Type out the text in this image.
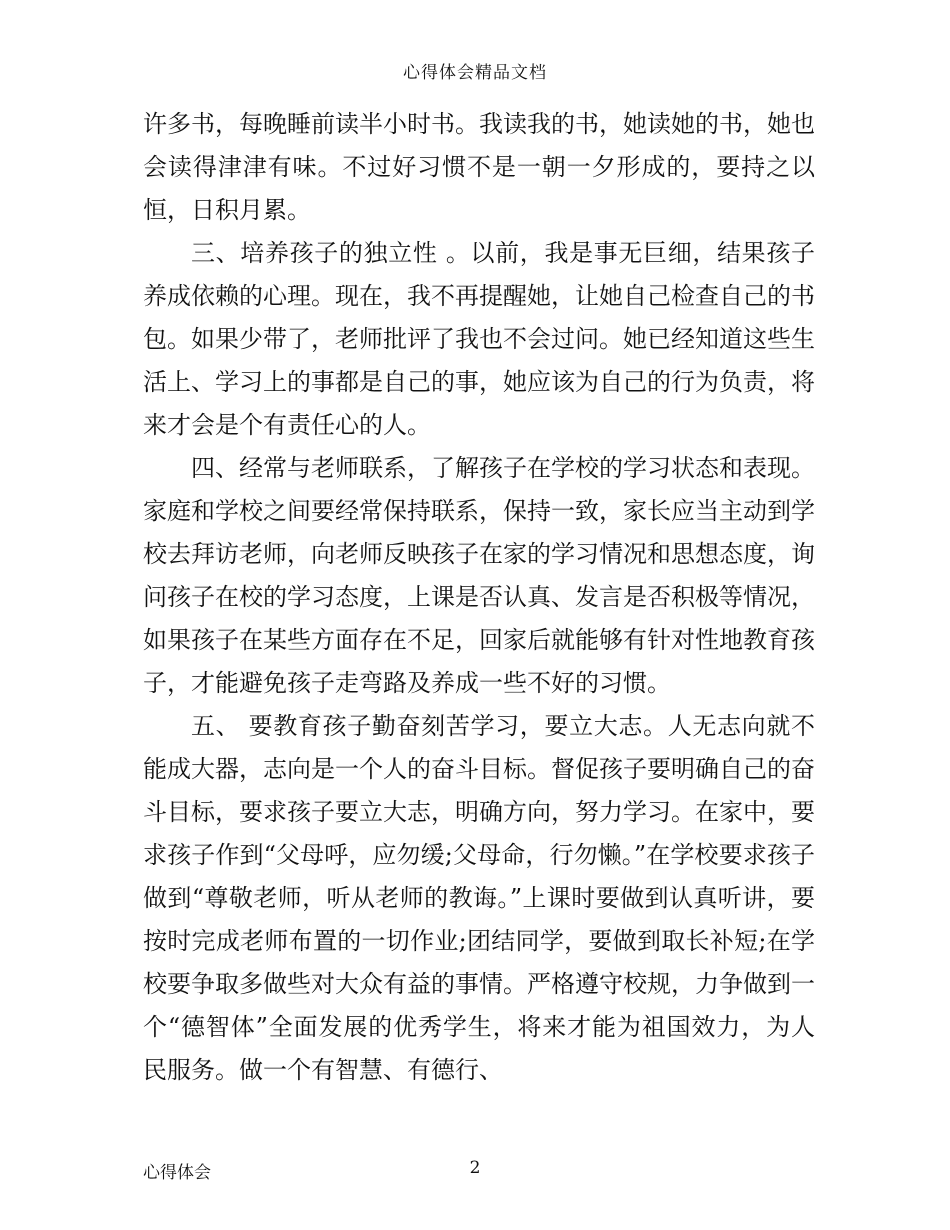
心得体会精品文档

许多书，每晚睡前读半小时书。我读我的书，她读她的书，她也会读得津津有味。不过好习惯不是一朝一夕形成的，要持之以恒，日积月累。

三、培养孩子的独立性 。以前，我是事无巨细，结果孩子养成依赖的心理。现在，我不再提醒她，让她自己检查自己的书包。如果少带了，老师批评了我也不会过问。她已经知道这些生活上、学习上的事都是自己的事，她应该为自己的行为负责，将来才会是个有责任心的人。

四、经常与老师联系，了解孩子在学校的学习状态和表现。家庭和学校之间要经常保持联系，保持一致，家长应当主动到学校去拜访老师，向老师反映孩子在家的学习情况和思想态度，询问孩子在校的学习态度，上课是否认真、发言是否积极等情况，如果孩子在某些方面存在不足，回家后就能够有针对性地教育孩子，才能避免孩子走弯路及养成一些不好的习惯。

五、 要教育孩子勤奋刻苦学习，要立大志。人无志向就不能成大器，志向是一个人的奋斗目标。督促孩子要明确自己的奋斗目标，要求孩子要立大志，明确方向，努力学习。在家中，要求孩子作到“父母呼，应勿缓;父母命，行勿懒。”在学校要求孩子做到“尊敬老师，听从老师的教诲。”上课时要做到认真听讲，要按时完成老师布置的一切作业;团结同学，要做到取长补短;在学校要争取多做些对大众有益的事情。严格遵守校规，力争做到一个“德智体”全面发展的优秀学生，将来才能为祖国效力，为人民服务。做一个有智慧、有德行、

心得体会	2
